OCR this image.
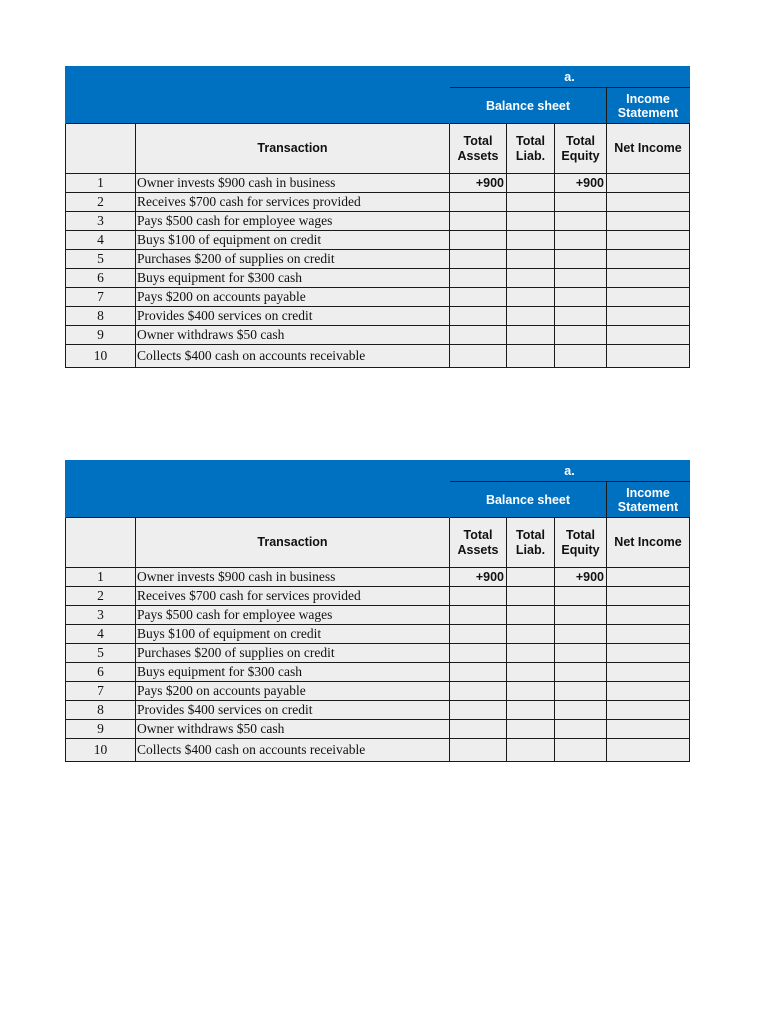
		a.			
		Balance sheet			Income Statement
	Transaction	Total Assets	Total Liab.	Total Equity	Net Income
1	Owner invests $900 cash in business	+900		+900	
2	Receives $700 cash for services provided				
3	Pays $500 cash for employee wages				
4	Buys $100 of equipment on credit				
5	Purchases $200 of supplies on credit				
6	Buys equipment for $300 cash				
7	Pays $200 on accounts payable				
8	Provides $400 services on credit				
9	Owner withdraws $50 cash				
10	Collects $400 cash on accounts receivable				
		a.			
		Balance sheet			Income Statement
	Transaction	Total Assets	Total Liab.	Total Equity	Net Income
1	Owner invests $900 cash in business	+900		+900	
2	Receives $700 cash for services provided				
3	Pays $500 cash for employee wages				
4	Buys $100 of equipment on credit				
5	Purchases $200 of supplies on credit				
6	Buys equipment for $300 cash				
7	Pays $200 on accounts payable				
8	Provides $400 services on credit				
9	Owner withdraws $50 cash				
10	Collects $400 cash on accounts receivable				
